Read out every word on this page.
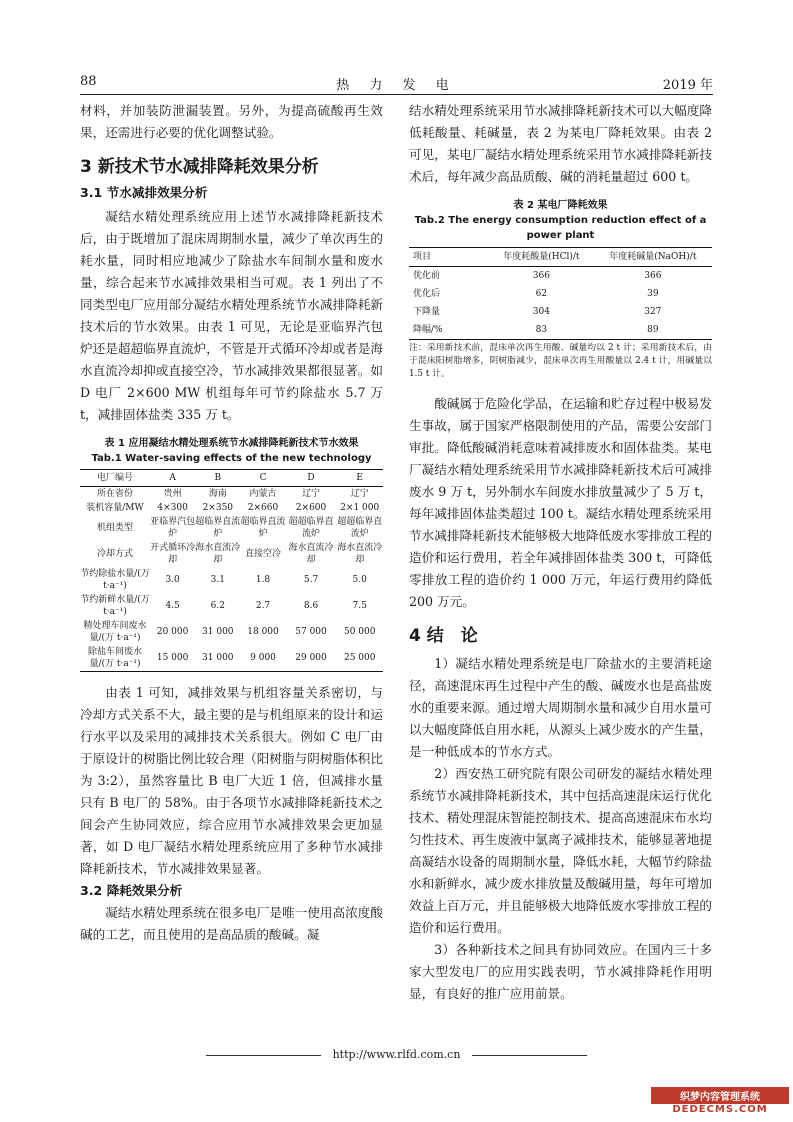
88	热 力 发 电	2019 年

材料，并加装防泄漏装置。另外，为提高硫酸再生效果，还需进行必要的优化调整试验。

3 新技术节水减排降耗效果分析
3.1 节水减排效果分析

凝结水精处理系统应用上述节水减排降耗新技术后，由于既增加了混床周期制水量，减少了单次再生的耗水量，同时相应地减少了除盐水车间制水量和废水量，综合起来节水减排效果相当可观。表 1 列出了不同类型电厂应用部分凝结水精处理系统节水减排降耗新技术后的节水效果。由表 1 可见，无论是亚临界汽包炉还是超超临界直流炉，不管是开式循环冷却或者是海水直流冷却抑或直接空冷，节水减排效果都很显著。如 D 电厂 2×600 MW 机组每年可节约除盐水 5.7 万 t，减排固体盐类 335 万 t。

表 1 应用凝结水精处理系统节水减排降耗新技术节水效果
Tab.1 Water-saving effects of the new technology
电厂编号	A	B	C	D	E
所在省份	贵州	海南	内蒙古	辽宁	辽宁
装机容量/MW	4×300	2×350	2×660	2×600	2×1 000
机组类型	亚临界汽包炉	超临界直流炉	超临界直流炉	超超临界直流炉	超超临界直流炉
冷却方式	开式循环冷却	海水直流冷却	直接空冷	海水直流冷却	海水直流冷却
节约除盐水量/(万 t·a⁻¹)	3.0	3.1	1.8	5.7	5.0
节约新鲜水量/(万 t·a⁻¹)	4.5	6.2	2.7	8.6	7.5
精处理车间废水量/(万 t·a⁻¹)	20 000	31 000	18 000	57 000	50 000
除盐车间废水量/(万 t·a⁻¹)	15 000	31 000	9 000	29 000	25 000

由表 1 可知，减排效果与机组容量关系密切，与冷却方式关系不大，最主要的是与机组原来的设计和运行水平以及采用的减排技术关系很大。例如 C 电厂由于原设计的树脂比例比较合理（阳树脂与阴树脂体积比为 3:2），虽然容量比 B 电厂大近 1 倍，但减排水量只有 B 电厂的 58%。由于各项节水减排降耗新技术之间会产生协同效应，综合应用节水减排效果会更加显著，如 D 电厂凝结水精处理系统应用了多种节水减排降耗新技术，节水减排效果显著。

3.2 降耗效果分析

凝结水精处理系统在很多电厂是唯一使用高浓度酸碱的工艺，而且使用的是高品质的酸碱。凝

结水精处理系统采用节水减排降耗新技术可以大幅度降低耗酸量、耗碱量，表 2 为某电厂降耗效果。由表 2 可见，某电厂凝结水精处理系统采用节水减排降耗新技术后，每年减少高品质酸、碱的消耗量超过 600 t。

表 2 某电厂降耗效果
Tab.2 The energy consumption reduction effect of a power plant
项目	年度耗酸量(HCl)/t	年度耗碱量(NaOH)/t
优化前	366	366
优化后	62	39
下降量	304	327
降幅/%	83	89

注：采用新技术前，混床单次再生用酸、碱量均以 2 t 计；采用新技术后，由于混床阳树脂增多，阴树脂减少，混床单次再生用酸量以 2.4 t 计，用碱量以 1.5 t 计。

酸碱属于危险化学品，在运输和贮存过程中极易发生事故，属于国家严格限制使用的产品，需要公安部门审批。降低酸碱消耗意味着减排废水和固体盐类。某电厂凝结水精处理系统采用节水减排降耗新技术后可减排废水 9 万 t，另外制水车间废水排放量减少了 5 万 t，每年减排固体盐类超过 100 t。凝结水精处理系统采用节水减排降耗新技术能够极大地降低废水零排放工程的造价和运行费用，若全年减排固体盐类 300 t，可降低零排放工程的造价约 1 000 万元，年运行费用约降低 200 万元。

4 结　论

1）凝结水精处理系统是电厂除盐水的主要消耗途径，高速混床再生过程中产生的酸、碱废水也是高盐废水的重要来源。通过增大周期制水量和减少自用水量可以大幅度降低自用水耗，从源头上减少废水的产生量，是一种低成本的节水方式。

2）西安热工研究院有限公司研发的凝结水精处理系统节水减排降耗新技术，其中包括高速混床运行优化技术、精处理混床智能控制技术、提高高速混床布水均匀性技术、再生废液中氯离子减排技术，能够显著地提高凝结水设备的周期制水量，降低水耗，大幅节约除盐水和新鲜水，减少废水排放量及酸碱用量，每年可增加效益上百万元，并且能够极大地降低废水零排放工程的造价和运行费用。

3）各种新技术之间具有协同效应。在国内三十多家大型发电厂的应用实践表明，节水减排降耗作用明显，有良好的推广应用前景。

http://www.rlfd.com.cn
织梦内容管理系统
DEDECMS.COM
